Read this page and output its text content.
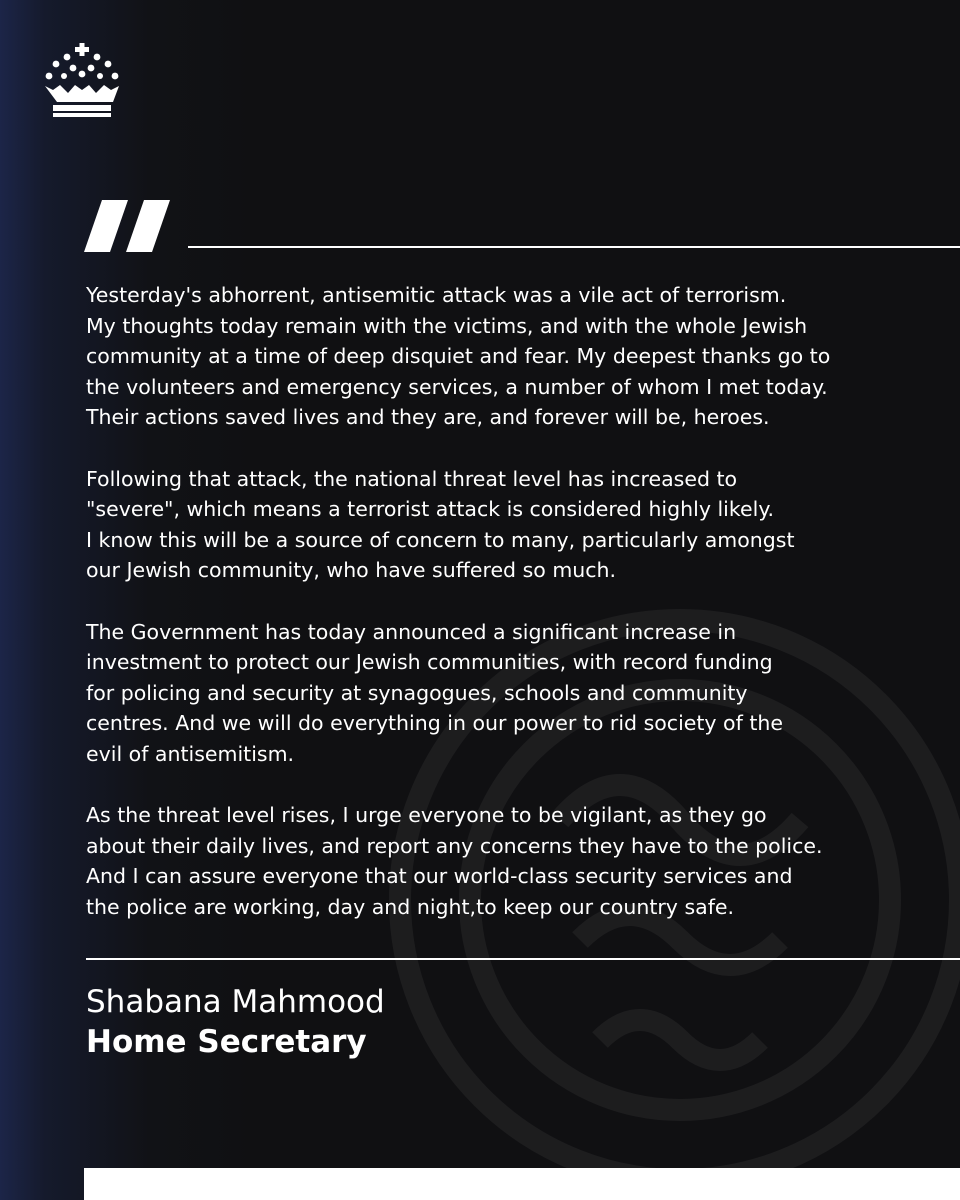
Yesterday's abhorrent, antisemitic attack was a vile act of terrorism.
My thoughts today remain with the victims, and with the whole Jewish
community at a time of deep disquiet and fear. My deepest thanks go to
the volunteers and emergency services, a number of whom I met today.
Their actions saved lives and they are, and forever will be, heroes.

Following that attack, the national threat level has increased to
"severe", which means a terrorist attack is considered highly likely.
I know this will be a source of concern to many, particularly amongst
our Jewish community, who have suffered so much.

The Government has today announced a significant increase in
investment to protect our Jewish communities, with record funding
for policing and security at synagogues, schools and community
centres. And we will do everything in our power to rid society of the
evil of antisemitism.

As the threat level rises, I urge everyone to be vigilant, as they go
about their daily lives, and report any concerns they have to the police.
And I can assure everyone that our world-class security services and
the police are working, day and night,to keep our country safe.

Shabana Mahmood
Home Secretary
